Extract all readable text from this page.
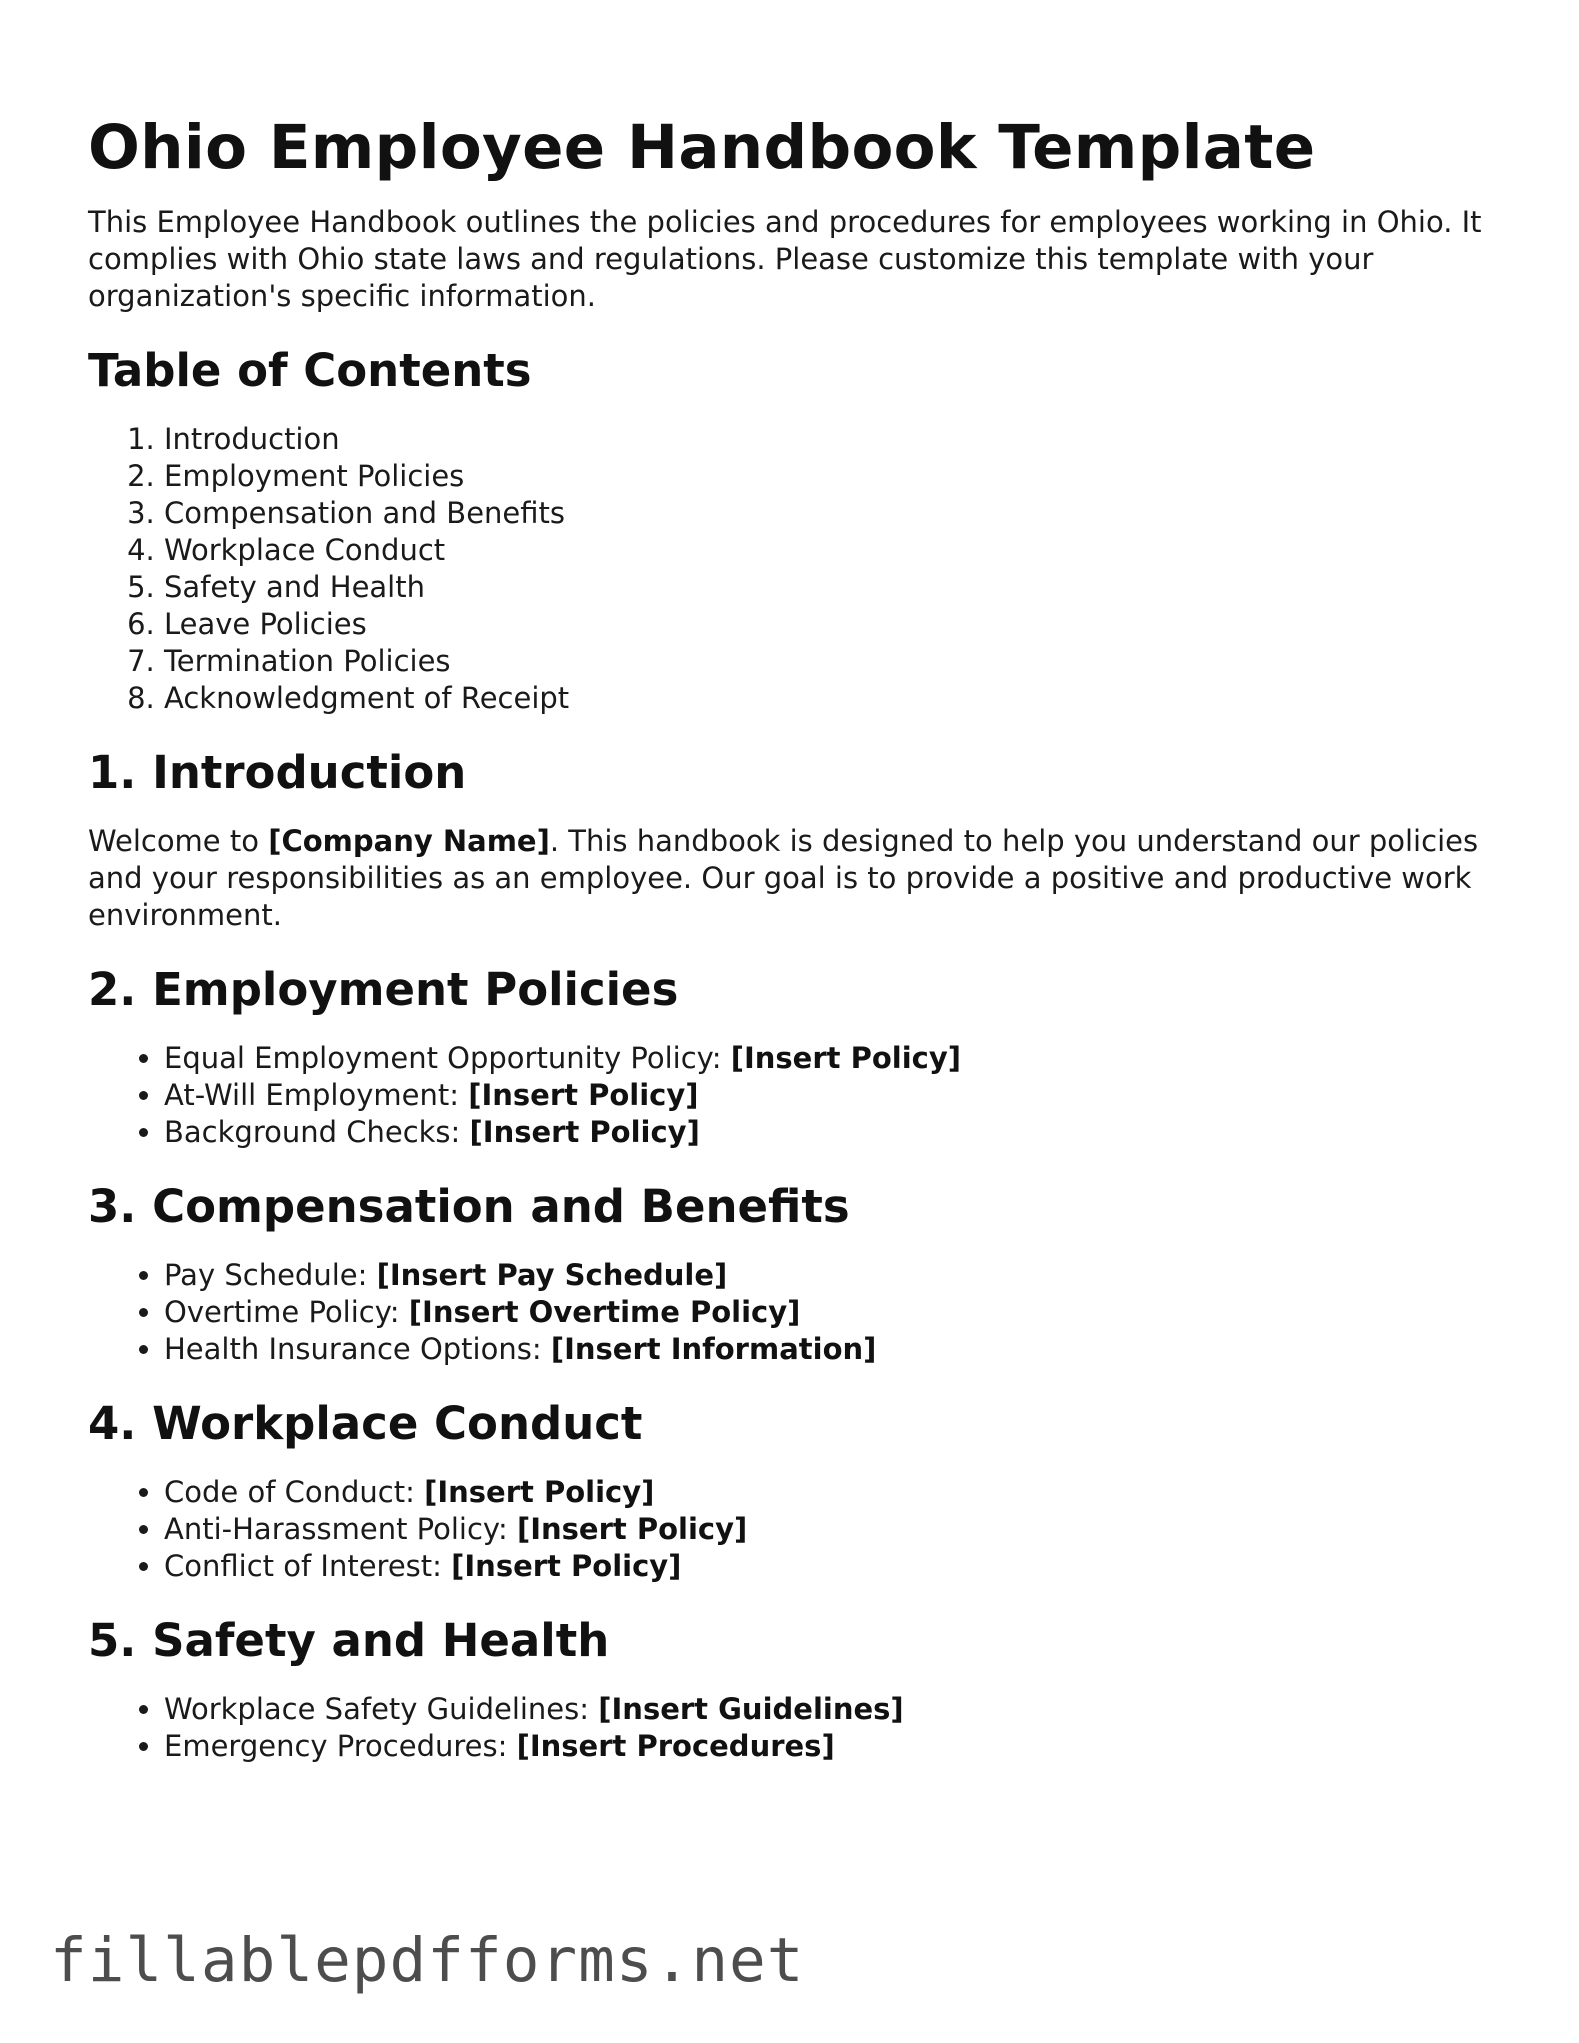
Ohio Employee Handbook Template

This Employee Handbook outlines the policies and procedures for employees working in Ohio. It complies with Ohio state laws and regulations. Please customize this template with your organization's specific information.

Table of Contents
1. Introduction
2. Employment Policies
3. Compensation and Benefits
4. Workplace Conduct
5. Safety and Health
6. Leave Policies
7. Termination Policies
8. Acknowledgment of Receipt
1. Introduction

Welcome to [Company Name]. This handbook is designed to help you understand our policies and your responsibilities as an employee. Our goal is to provide a positive and productive work environment.

2. Employment Policies
• Equal Employment Opportunity Policy: [Insert Policy]
• At-Will Employment: [Insert Policy]
• Background Checks: [Insert Policy]
3. Compensation and Benefits
• Pay Schedule: [Insert Pay Schedule]
• Overtime Policy: [Insert Overtime Policy]
• Health Insurance Options: [Insert Information]
4. Workplace Conduct
• Code of Conduct: [Insert Policy]
• Anti-Harassment Policy: [Insert Policy]
• Conflict of Interest: [Insert Policy]
5. Safety and Health
• Workplace Safety Guidelines: [Insert Guidelines]
• Emergency Procedures: [Insert Procedures]
fillablepdfforms.net
